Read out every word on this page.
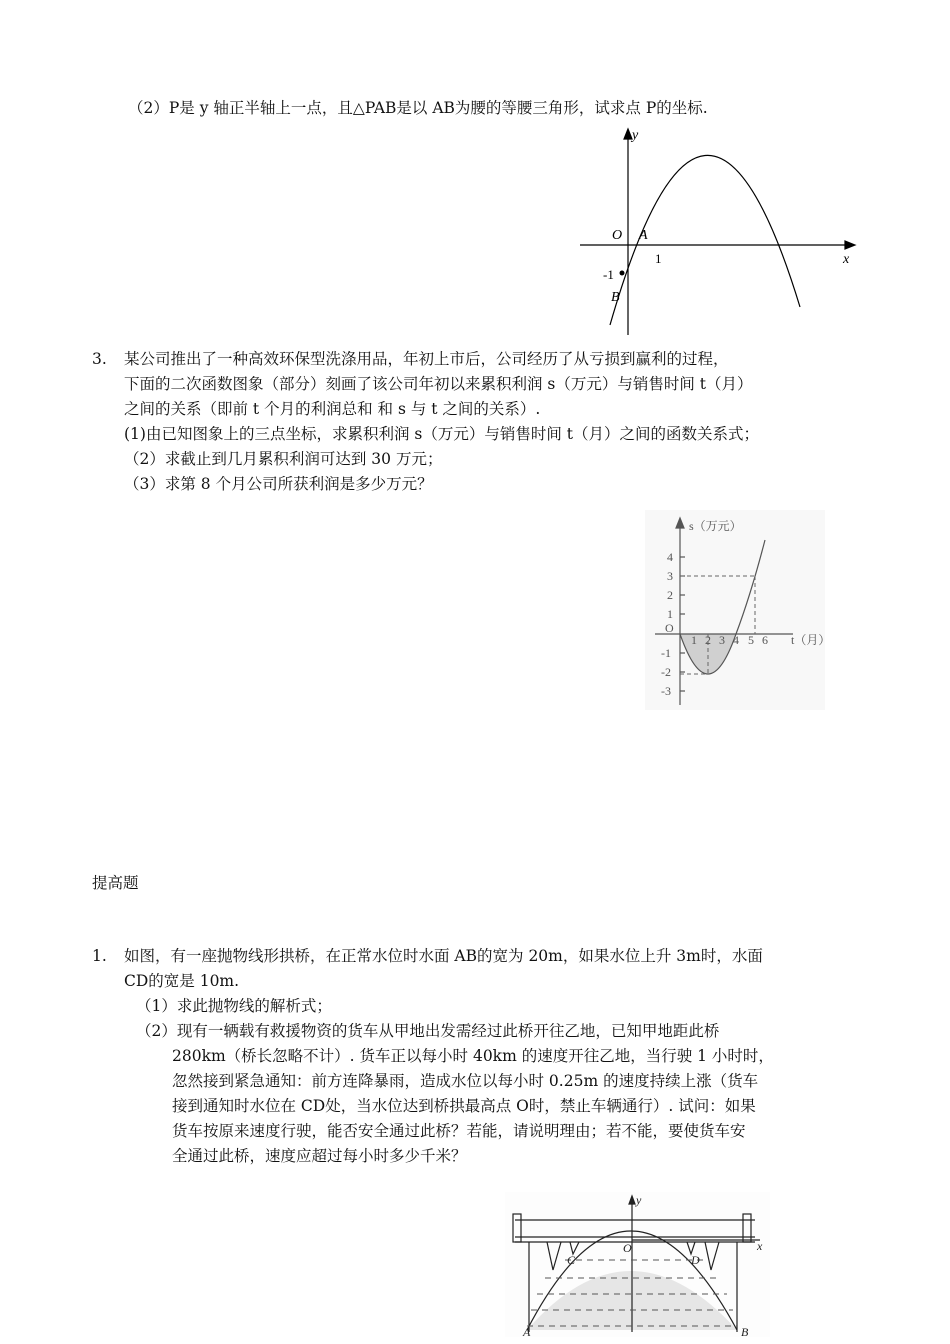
（2）P是 y 轴正半轴上一点，且△PAB是以 AB为腰的等腰三角形，试求点 P的坐标.
y
x
O A
B
1
-1
3. 某公司推出了一种高效环保型洗涤用品，年初上市后，公司经历了从亏损到赢利的过程，
下面的二次函数图象（部分）刻画了该公司年初以来累积利润 s（万元）与销售时间 t（月）
之间的关系（即前 t 个月的利润总和 和 s 与 t 之间的关系）.
(1)由已知图象上的三点坐标，求累积利润 s（万元）与销售时间 t（月）之间的函数关系式；
（2）求截止到几月累积利润可达到 30 万元；
（3）求第 8 个月公司所获利润是多少万元？
s（万元）
t（月）
O
4
3
2
1
-1
-2
-3
1 2 3 4 5 6
提高题
1. 如图，有一座抛物线形拱桥，在正常水位时水面 AB的宽为 20m，如果水位上升 3m时，水面
CD的宽是 10m.
（1）求此抛物线的解析式；
（2）现有一辆载有救援物资的货车从甲地出发需经过此桥开往乙地，已知甲地距此桥
280km（桥长忽略不计）. 货车正以每小时 40km 的速度开往乙地，当行驶 1 小时时，
忽然接到紧急通知：前方连降暴雨，造成水位以每小时 0.25m 的速度持续上涨（货车
接到通知时水位在 CD处，当水位达到桥拱最高点 O时，禁止车辆通行）. 试问：如果
货车按原来速度行驶，能否安全通过此桥？若能，请说明理由；若不能，要使货车安
全通过此桥，速度应超过每小时多少千米？
y
x
O
C	D
A	B
